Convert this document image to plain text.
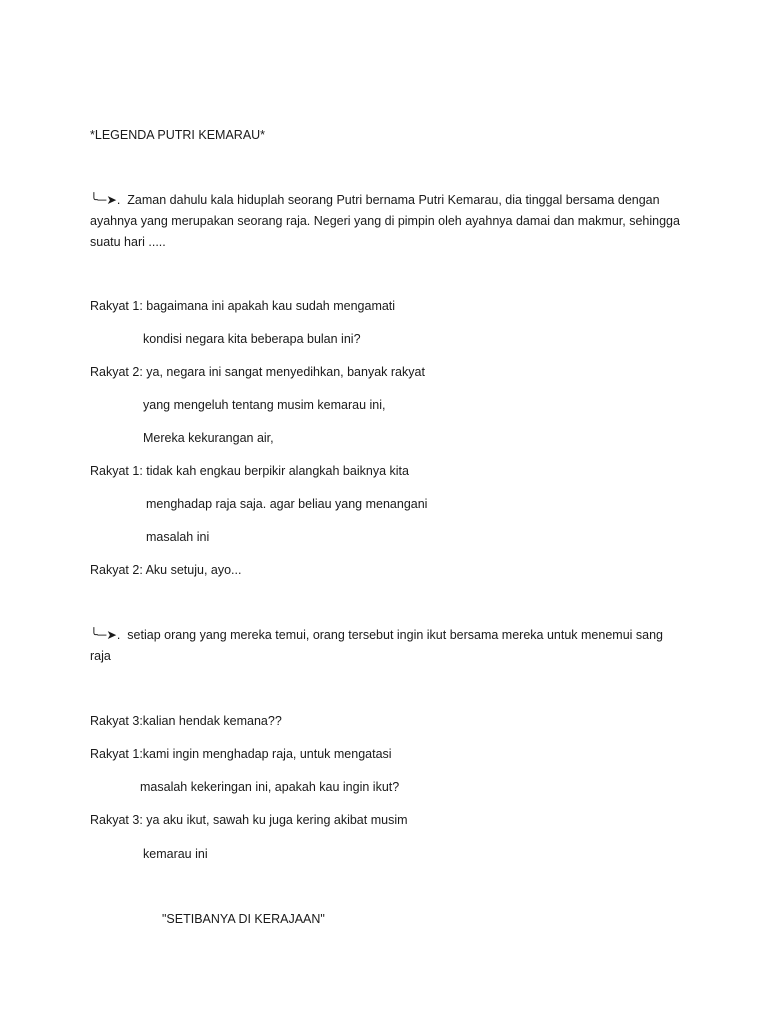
*LEGENDA PUTRI KEMARAU*
╰─➤. Zaman dahulu kala hiduplah seorang Putri bernama Putri Kemarau, dia tinggal bersama dengan ayahnya yang merupakan seorang raja. Negeri yang di pimpin oleh ayahnya damai dan makmur, sehingga suatu hari .....
Rakyat 1: bagaimana ini apakah kau sudah mengamati
kondisi negara kita beberapa bulan ini?
Rakyat 2: ya, negara ini sangat menyedihkan, banyak rakyat
yang mengeluh tentang musim kemarau ini,
Mereka kekurangan air,
Rakyat 1: tidak kah engkau berpikir alangkah baiknya kita
menghadap raja saja. agar beliau yang menangani
masalah ini
Rakyat 2: Aku setuju, ayo...
╰─➤. setiap orang yang mereka temui, orang tersebut ingin ikut bersama mereka untuk menemui sang raja
Rakyat 3:kalian hendak kemana??
Rakyat 1:kami ingin menghadap raja, untuk mengatasi
masalah kekeringan ini, apakah kau ingin ikut?
Rakyat 3: ya aku ikut, sawah ku juga kering akibat musim
kemarau ini
"SETIBANYA DI KERAJAAN"
